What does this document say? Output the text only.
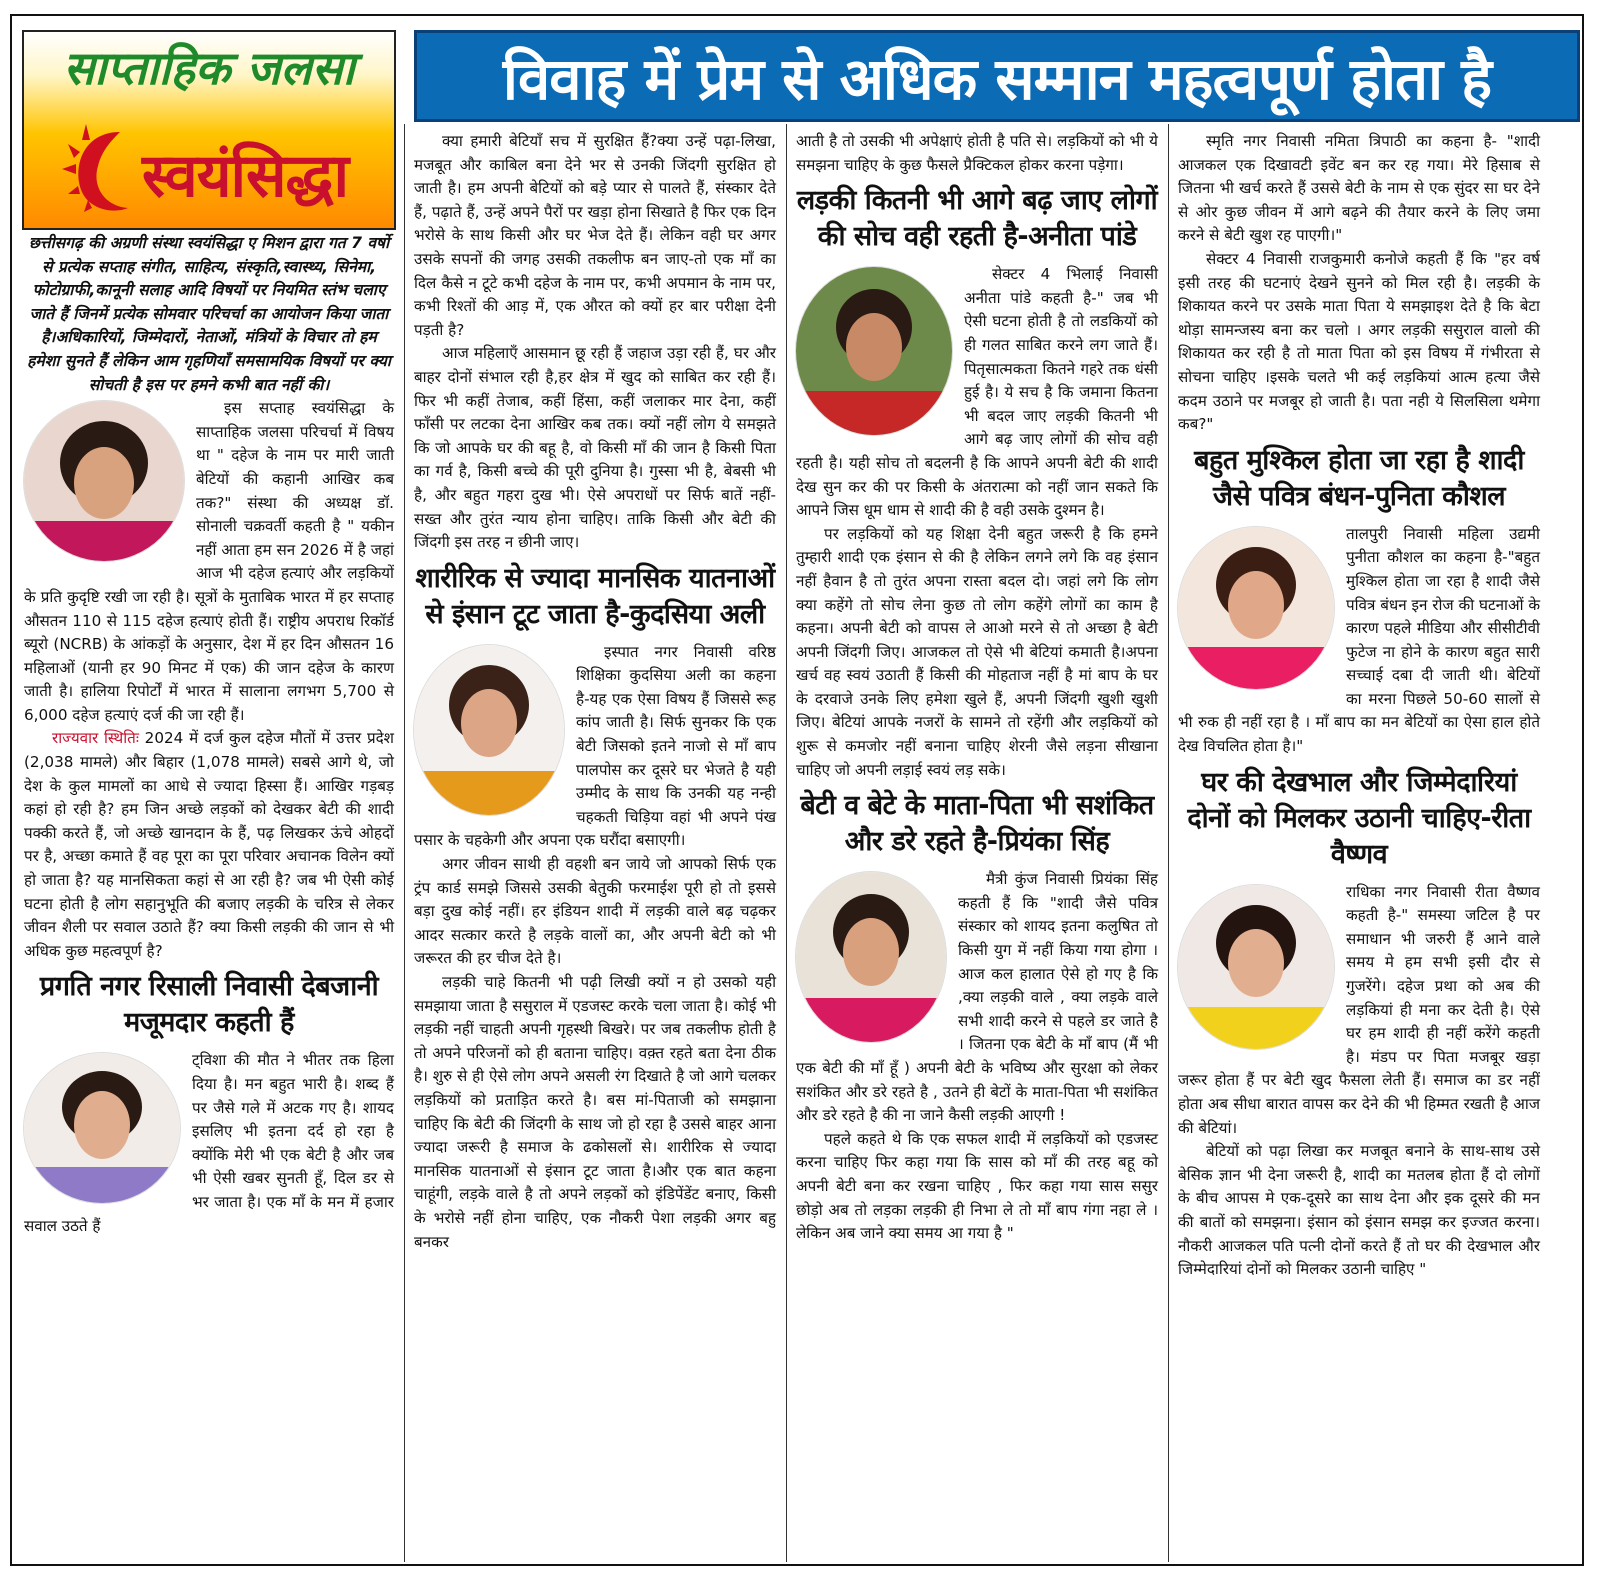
साप्ताहिक जलसा
स्वयंसिद्धा
विवाह में प्रेम से अधिक सम्मान महत्वपूर्ण होता है

छत्तीसगढ़ की अग्रणी संस्था स्वयंसिद्धा ए मिशन द्वारा गत 7 वर्षो से प्रत्येक सप्ताह संगीत, साहित्य, संस्कृति,स्वास्थ्य, सिनेमा, फोटोग्राफी,कानूनी सलाह आदि विषयों पर नियमित स्तंभ चलाए जाते हैं जिनमें प्रत्येक सोमवार परिचर्चा का आयोजन किया जाता है।अधिकारियों, जिम्मेदारों, नेताओं, मंत्रियों के विचार तो हम हमेशा सुनते हैं लेकिन आम गृहणियाँ समसामयिक विषयों पर क्या सोचती है इस पर हमने कभी बात नहीं की।

इस सप्ताह स्वयंसिद्धा के साप्ताहिक जलसा परिचर्चा में विषय था " दहेज के नाम पर मारी जाती बेटियों की कहानी आखिर कब तक?" संस्था की अध्यक्ष डॉ. सोनाली चक्रवर्ती कहती है " यकीन नहीं आता हम सन 2026 में है जहां आज भी दहेज हत्याएं और लड़कियों के प्रति कुदृष्टि रखी जा रही है। सूत्रों के मुताबिक भारत में हर सप्ताह औसतन 110 से 115 दहेज हत्याएं होती हैं। राष्ट्रीय अपराध रिकॉर्ड ब्यूरो (NCRB) के आंकड़ों के अनुसार, देश में हर दिन औसतन 16 महिलाओं (यानी हर 90 मिनट में एक) की जान दहेज के कारण जाती है। हालिया रिपोर्टों में भारत में सालाना लगभग 5,700 से 6,000 दहेज हत्याएं दर्ज की जा रही हैं।

राज्यवार स्थितिः 2024 में दर्ज कुल दहेज मौतों में उत्तर प्रदेश (2,038 मामले) और बिहार (1,078 मामले) सबसे आगे थे, जो देश के कुल मामलों का आधे से ज्यादा हिस्सा हैं। आखिर गड़बड़ कहां हो रही है? हम जिन अच्छे लड़कों को देखकर बेटी की शादी पक्की करते हैं, जो अच्छे खानदान के हैं, पढ़ लिखकर ऊंचे ओहदों पर है, अच्छा कमाते हैं वह पूरा का पूरा परिवार अचानक विलेन क्यों हो जाता है? यह मानसिकता कहां से आ रही है? जब भी ऐसी कोई घटना होती है लोग सहानुभूति की बजाए लड़की के चरित्र से लेकर जीवन शैली पर सवाल उठाते हैं? क्या किसी लड़की की जान से भी अधिक कुछ महत्वपूर्ण है?

प्रगति नगर रिसाली निवासी देबजानी मजूमदार कहती हैं

ट्विशा की मौत ने भीतर तक हिला दिया है। मन बहुत भारी है। शब्द हैं पर जैसे गले में अटक गए है। शायद इसलिए भी इतना दर्द हो रहा है क्योंकि मेरी भी एक बेटी है और जब भी ऐसी खबर सुनती हूँ, दिल डर से भर जाता है। एक माँ के मन में हजार सवाल उठते हैं

क्या हमारी बेटियाँ सच में सुरक्षित हैं?क्या उन्हें पढ़ा-लिखा, मजबूत और काबिल बना देने भर से उनकी जिंदगी सुरक्षित हो जाती है। हम अपनी बेटियों को बड़े प्यार से पालते हैं, संस्कार देते हैं, पढ़ाते हैं, उन्हें अपने पैरों पर खड़ा होना सिखाते है फिर एक दिन भरोसे के साथ किसी और घर भेज देते हैं। लेकिन वही घर अगर उसके सपनों की जगह उसकी तकलीफ बन जाए-तो एक माँ का दिल कैसे न टूटे कभी दहेज के नाम पर, कभी अपमान के नाम पर, कभी रिश्तों की आड़ में, एक औरत को क्यों हर बार परीक्षा देनी पड़ती है?

आज महिलाएँ आसमान छू रही हैं जहाज उड़ा रही हैं, घर और बाहर दोनों संभाल रही है,हर क्षेत्र में खुद को साबित कर रही हैं। फिर भी कहीं तेजाब, कहीं हिंसा, कहीं जलाकर मार देना, कहीं फाँसी पर लटका देना आखिर कब तक। क्यों नहीं लोग ये समझते कि जो आपके घर की बहू है, वो किसी माँ की जान है किसी पिता का गर्व है, किसी बच्चे की पूरी दुनिया है। गुस्सा भी है, बेबसी भी है, और बहुत गहरा दुख भी। ऐसे अपराधों पर सिर्फ बातें नहीं- सख्त और तुरंत न्याय होना चाहिए। ताकि किसी और बेटी की जिंदगी इस तरह न छीनी जाए।

शारीरिक से ज्यादा मानसिक यातनाओं से इंसान टूट जाता है-कुदसिया अली

इस्पात नगर निवासी वरिष्ठ शिक्षिका कुदसिया अली का कहना है-यह एक ऐसा विषय हैं जिससे रूह कांप जाती है। सिर्फ सुनकर कि एक बेटी जिसको इतने नाजो से माँ बाप पालपोस कर दूसरे घर भेजते है यही उम्मीद के साथ कि उनकी यह नन्ही चहकती चिड़िया वहां भी अपने पंख पसार के चहकेगी और अपना एक घरौंदा बसाएगी।

अगर जीवन साथी ही वहशी बन जाये जो आपको सिर्फ एक ट्रंप कार्ड समझे जिससे उसकी बेतुकी फरमाईश पूरी हो तो इससे बड़ा दुख कोई नहीं। हर इंडियन शादी में लड़की वाले बढ़ चढ़कर आदर सत्कार करते है लड़के वालों का, और अपनी बेटी को भी जरूरत की हर चीज देते है।

लड़की चाहे कितनी भी पढ़ी लिखी क्यों न हो उसको यही समझाया जाता है ससुराल में एडजस्ट करके चला जाता है। कोई भी लड़की नहीं चाहती अपनी गृहस्थी बिखरे। पर जब तकलीफ होती है तो अपने परिजनों को ही बताना चाहिए। वक़्त रहते बता देना ठीक है। शुरु से ही ऐसे लोग अपने असली रंग दिखाते है जो आगे चलकर लड़कियों को प्रताड़ित करते है। बस मां-पिताजी को समझाना चाहिए कि बेटी की जिंदगी के साथ जो हो रहा है उससे बाहर आना ज्यादा जरूरी है समाज के ढकोसलों से। शारीरिक से ज्यादा मानसिक यातनाओं से इंसान टूट जाता है।और एक बात कहना चाहूंगी, लड़के वाले है तो अपने लड़कों को इंडिपेंडेंट बनाए, किसी के भरोसे नहीं होना चाहिए, एक नौकरी पेशा लड़की अगर बहु बनकर

आती है तो उसकी भी अपेक्षाएं होती है पति से। लड़कियों को भी ये समझना चाहिए के कुछ फैसले प्रैक्टिकल होकर करना पड़ेगा।

लड़की कितनी भी आगे बढ़ जाए लोगों की सोच वही रहती है-अनीता पांडे

सेक्टर 4 भिलाई निवासी अनीता पांडे कहती है-" जब भी ऐसी घटना होती है तो लडकियों को ही गलत साबित करने लग जाते हैं। पितृसात्मकता कितने गहरे तक धंसी हुई है। ये सच है कि जमाना कितना भी बदल जाए लड़की कितनी भी आगे बढ़ जाए लोगों की सोच वही रहती है। यही सोच तो बदलनी है कि आपने अपनी बेटी की शादी देख सुन कर की पर किसी के अंतरात्मा को नहीं जान सकते कि आपने जिस धूम धाम से शादी की है वही उसके दुश्मन है।

पर लड़कियों को यह शिक्षा देनी बहुत जरूरी है कि हमने तुम्हारी शादी एक इंसान से की है लेकिन लगने लगे कि वह इंसान नहीं हैवान है तो तुरंत अपना रास्ता बदल दो। जहां लगे कि लोग क्या कहेंगे तो सोच लेना कुछ तो लोग कहेंगे लोगों का काम है कहना। अपनी बेटी को वापस ले आओ मरने से तो अच्छा है बेटी अपनी जिंदगी जिए। आजकल तो ऐसे भी बेटियां कमाती है।अपना खर्च वह स्वयं उठाती हैं किसी की मोहताज नहीं है मां बाप के घर के दरवाजे उनके लिए हमेशा खुले हैं, अपनी जिंदगी खुशी खुशी जिए। बेटियां आपके नजरों के सामने तो रहेंगी और लड़कियों को शुरू से कमजोर नहीं बनाना चाहिए शेरनी जैसे लड़ना सीखाना चाहिए जो अपनी लड़ाई स्वयं लड़ सके।

बेटी व बेटे के माता-पिता भी सशंकित और डरे रहते है-प्रियंका सिंह

मैत्री कुंज निवासी प्रियंका सिंह कहती हैं कि "शादी जैसे पवित्र संस्कार को शायद इतना कलुषित तो किसी युग में नहीं किया गया होगा । आज कल हालात ऐसे हो गए है कि ,क्या लड़की वाले , क्या लड़के वाले सभी शादी करने से पहले डर जाते है । जितना एक बेटी के माँ बाप (मैं भी एक बेटी की माँ हूँ ) अपनी बेटी के भविष्य और सुरक्षा को लेकर सशंकित और डरे रहते है , उतने ही बेटों के माता-पिता भी सशंकित और डरे रहते है की ना जाने कैसी लड़की आएगी !

पहले कहते थे कि एक सफल शादी में लड़कियों को एडजस्ट करना चाहिए फिर कहा गया कि सास को माँ की तरह बहू को अपनी बेटी बना कर रखना चाहिए , फिर कहा गया सास ससुर छोड़ो अब तो लड़का लड़की ही निभा ले तो माँ बाप गंगा नहा ले । लेकिन अब जाने क्या समय आ गया है "

स्मृति नगर निवासी नमिता त्रिपाठी का कहना है- "शादी आजकल एक दिखावटी इवेंट बन कर रह गया। मेरे हिसाब से जितना भी खर्च करते हैं उससे बेटी के नाम से एक सुंदर सा घर देने से ओर कुछ जीवन में आगे बढ़ने की तैयार करने के लिए जमा करने से बेटी खुश रह पाएगी।"

सेक्टर 4 निवासी राजकुमारी कनोजे कहती हैं कि "हर वर्ष इसी तरह की घटनाएं देखने सुनने को मिल रही है। लड़की के शिकायत करने पर उसके माता पिता ये समझाइश देते है कि बेटा थोड़ा सामन्जस्य बना कर चलो । अगर लड़की ससुराल वालो की शिकायत कर रही है तो माता पिता को इस विषय में गंभीरता से सोचना चाहिए ।इसके चलते भी कई लड़कियां आत्म हत्या जैसे कदम उठाने पर मजबूर हो जाती है। पता नही ये सिलसिला थमेगा कब?"

बहुत मुश्किल होता जा रहा है शादी जैसे पवित्र बंधन-पुनिता कौशल

तालपुरी निवासी महिला उद्यमी पुनीता कौशल का कहना है-"बहुत मुश्किल होता जा रहा है शादी जैसे पवित्र बंधन इन रोज की घटनाओं के कारण पहले मीडिया और सीसीटीवी फुटेज ना होने के कारण बहुत सारी सच्चाई दबा दी जाती थी। बेटियों का मरना पिछले 50-60 सालों से भी रुक ही नहीं रहा है । माँ बाप का मन बेटियों का ऐसा हाल होते देख विचलित होता है।"

घर की देखभाल और जिम्मेदारियां दोनों को मिलकर उठानी चाहिए-रीता वैष्णव

राधिका नगर निवासी रीता वैष्णव कहती है-" समस्या जटिल है पर समाधान भी जरुरी हैं आने वाले समय मे हम सभी इसी दौर से गुजरेंगे। दहेज प्रथा को अब की लड़कियां ही मना कर देती है। ऐसे घर हम शादी ही नहीं करेंगे कहती है। मंडप पर पिता मजबूर खड़ा जरूर होता हैं पर बेटी खुद फैसला लेती हैं। समाज का डर नहीं होता अब सीधा बारात वापस कर देने की भी हिम्मत रखती है आज की बेटियां।

बेटियों को पढ़ा लिखा कर मजबूत बनाने के साथ-साथ उसे बेसिक ज्ञान भी देना जरूरी है, शादी का मतलब होता हैं दो लोगों के बीच आपस मे एक-दूसरे का साथ देना और इक दूसरे की मन की बातों को समझना। इंसान को इंसान समझ कर इज्जत करना। नौकरी आजकल पति पत्नी दोनों करते हैं तो घर की देखभाल और जिम्मेदारियां दोनों को मिलकर उठानी चाहिए "
